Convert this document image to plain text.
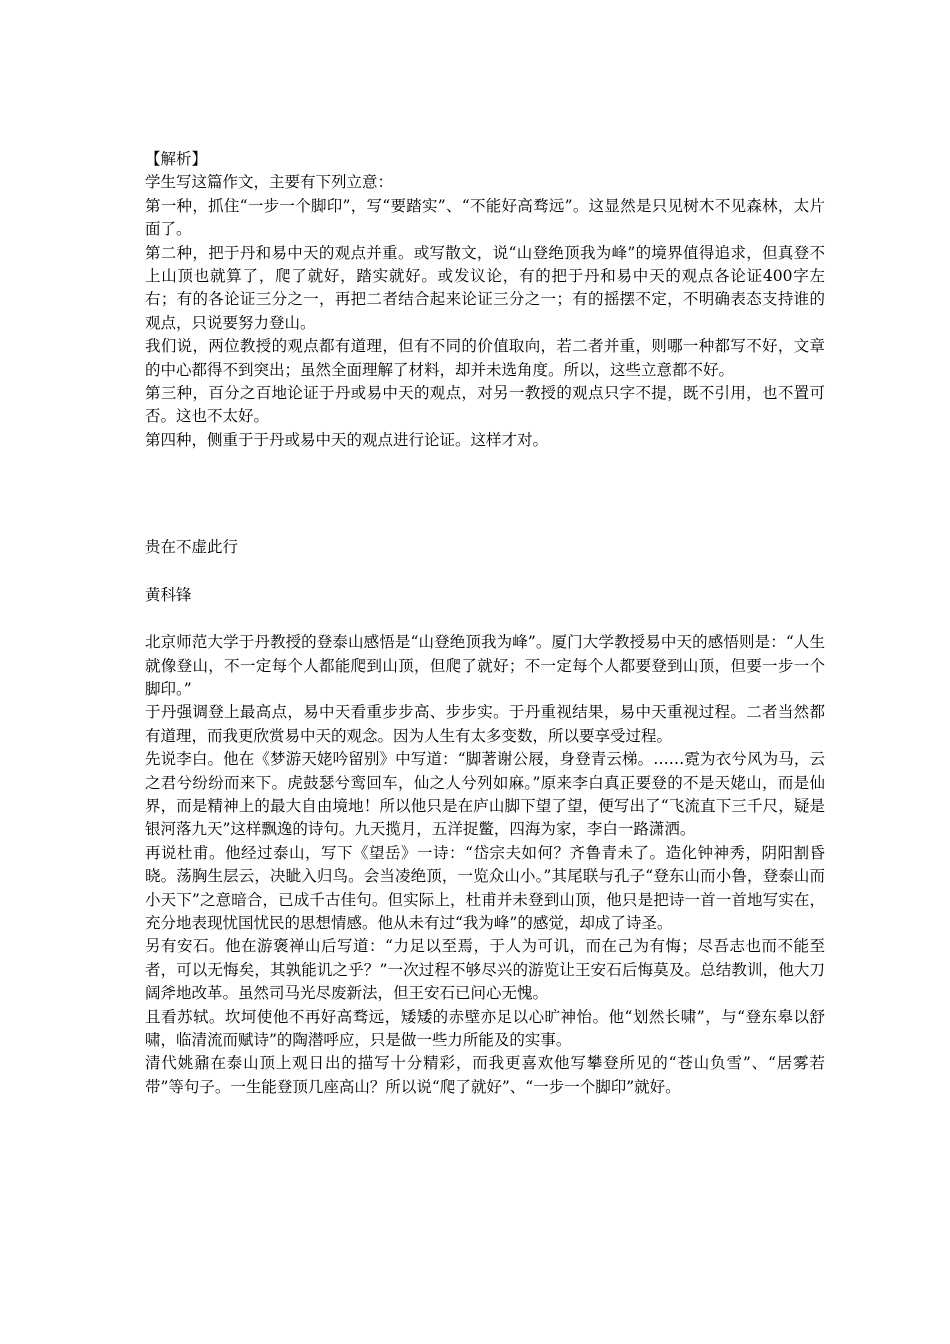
【解析】

学生写这篇作文，主要有下列立意：

第一种，抓住“一步一个脚印”，写“要踏实”、“不能好高骛远”。这显然是只见树木不见森林，太片面了。

第二种，把于丹和易中天的观点并重。或写散文，说“山登绝顶我为峰”的境界值得追求，但真登不上山顶也就算了，爬了就好，踏实就好。或发议论，有的把于丹和易中天的观点各论证400字左右；有的各论证三分之一，再把二者结合起来论证三分之一；有的摇摆不定，不明确表态支持谁的观点，只说要努力登山。

我们说，两位教授的观点都有道理，但有不同的价值取向，若二者并重，则哪一种都写不好，文章的中心都得不到突出；虽然全面理解了材料，却并未选角度。所以，这些立意都不好。

第三种，百分之百地论证于丹或易中天的观点，对另一教授的观点只字不提，既不引用，也不置可否。这也不太好。

第四种，侧重于于丹或易中天的观点进行论证。这样才对。

贵在不虚此行

黄科锋

北京师范大学于丹教授的登泰山感悟是“山登绝顶我为峰”。厦门大学教授易中天的感悟则是：“人生就像登山，不一定每个人都能爬到山顶，但爬了就好；不一定每个人都要登到山顶，但要一步一个脚印。”

于丹强调登上最高点，易中天看重步步高、步步实。于丹重视结果，易中天重视过程。二者当然都有道理，而我更欣赏易中天的观念。因为人生有太多变数，所以要享受过程。

先说李白。他在《梦游天姥吟留别》中写道：“脚著谢公屐，身登青云梯。……霓为衣兮风为马，云之君兮纷纷而来下。虎鼓瑟兮鸾回车，仙之人兮列如麻。”原来李白真正要登的不是天姥山，而是仙界，而是精神上的最大自由境地！所以他只是在庐山脚下望了望，便写出了“飞流直下三千尺，疑是银河落九天”这样飘逸的诗句。九天揽月，五洋捉鳖，四海为家，李白一路潇洒。

再说杜甫。他经过泰山，写下《望岳》一诗：“岱宗夫如何？齐鲁青未了。造化钟神秀，阴阳割昏晓。荡胸生层云，决眦入归鸟。会当凌绝顶，一览众山小。”其尾联与孔子“登东山而小鲁，登泰山而小天下”之意暗合，已成千古佳句。但实际上，杜甫并未登到山顶，他只是把诗一首一首地写实在，充分地表现忧国忧民的思想情感。他从未有过“我为峰”的感觉，却成了诗圣。

另有安石。他在游褒禅山后写道：“力足以至焉，于人为可讥，而在己为有悔；尽吾志也而不能至者，可以无悔矣，其孰能讥之乎？”一次过程不够尽兴的游览让王安石后悔莫及。总结教训，他大刀阔斧地改革。虽然司马光尽废新法，但王安石已问心无愧。

且看苏轼。坎坷使他不再好高骛远，矮矮的赤壁亦足以心旷神怡。他“划然长啸”，与“登东皋以舒啸，临清流而赋诗”的陶潜呼应，只是做一些力所能及的实事。

清代姚鼐在泰山顶上观日出的描写十分精彩，而我更喜欢他写攀登所见的“苍山负雪”、“居雾若带”等句子。一生能登顶几座高山？所以说“爬了就好”、“一步一个脚印”就好。
